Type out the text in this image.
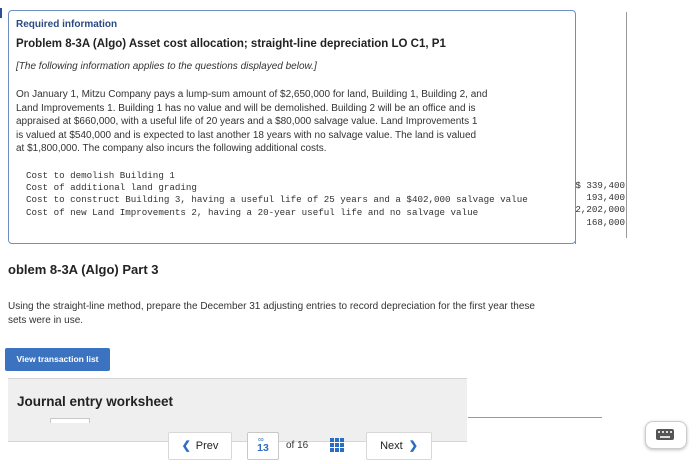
Required information
Problem 8-3A (Algo) Asset cost allocation; straight-line depreciation LO C1, P1
[The following information applies to the questions displayed below.]
On January 1, Mitzu Company pays a lump-sum amount of $2,650,000 for land, Building 1, Building 2, and
Land Improvements 1. Building 1 has no value and will be demolished. Building 2 will be an office and is
appraised at $660,000, with a useful life of 20 years and a $80,000 salvage value. Land Improvements 1
is valued at $540,000 and is expected to last another 18 years with no salvage value. The land is valued
at $1,800,000. The company also incurs the following additional costs.
Cost to demolish Building 1
Cost of additional land grading
Cost to construct Building 3, having a useful life of 25 years and a $402,000 salvage value
Cost of new Land Improvements 2, having a 20-year useful life and no salvage value
$ 339,400
193,400
2,202,000
168,000
oblem 8-3A (Algo) Part 3
Using the straight-line method, prepare the December 31 adjusting entries to record depreciation for the first year these
sets were in use.
View transaction list
Journal entry worksheet
❮ Prev
∞
13	of 16	Next ❯
